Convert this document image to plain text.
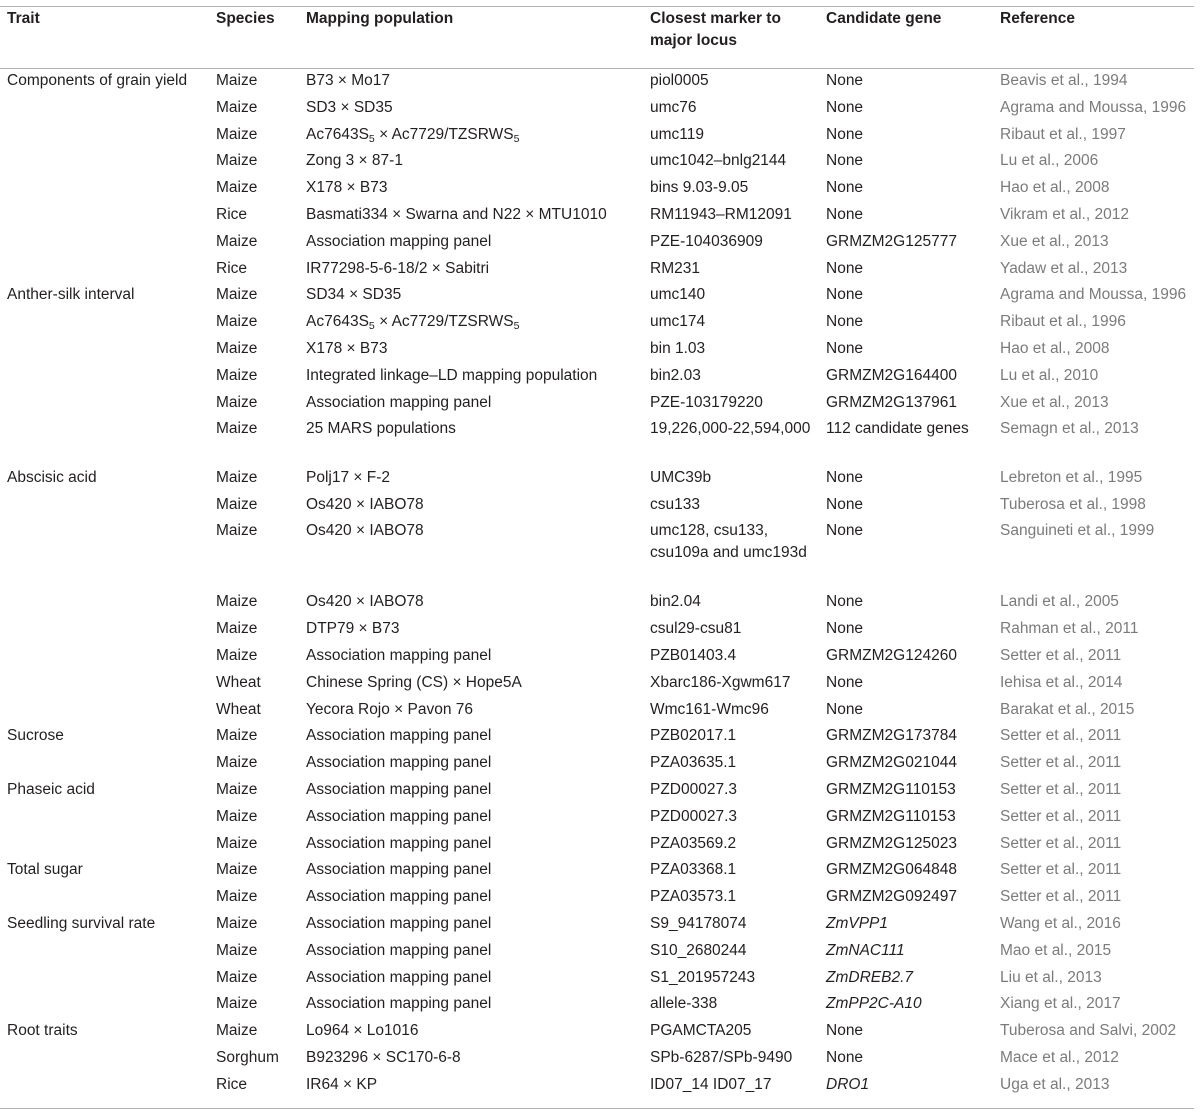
Trait	Species	Mapping population	Closest marker to major locus	Candidate gene	Reference
Components of grain yield	Maize	B73 × Mo17	piol0005	None	Beavis et al., 1994
	Maize	SD3 × SD35	umc76	None	Agrama and Moussa, 1996
	Maize	$Ac7643S_5$ × $Ac7729/TZSRWS_5$	umc119	None	Ribaut et al., 1997
	Maize	Zong 3 × 87-1	umc1042–bnlg2144	None	Lu et al., 2006
	Maize	X178 × B73	bins 9.03-9.05	None	Hao et al., 2008
	Rice	Basmati334 × Swarna and N22 × MTU1010	RM11943–RM12091	None	Vikram et al., 2012
	Maize	Association mapping panel	PZE-104036909	GRMZM2G125777	Xue et al., 2013
	Rice	IR77298-5-6-18/2 × Sabitri	RM231	None	Yadaw et al., 2013
Anther-silk interval	Maize	SD34 × SD35	umc140	None	Agrama and Moussa, 1996
	Maize	$Ac7643S_5$ × $Ac7729/TZSRWS_5$	umc174	None	Ribaut et al., 1996
	Maize	X178 × B73	bin 1.03	None	Hao et al., 2008
	Maize	Integrated linkage–LD mapping population	bin2.03	GRMZM2G164400	Lu et al., 2010
	Maize	Association mapping panel	PZE-103179220	GRMZM2G137961	Xue et al., 2013
	Maize	25 MARS populations	19,226,000-22,594,000	112 candidate genes	Semagn et al., 2013
Abscisic acid	Maize	Polj17 × F-2	UMC39b	None	Lebreton et al., 1995
	Maize	Os420 × IABO78	csu133	None	Tuberosa et al., 1998
	Maize	Os420 × IABO78	umc128, csu133, csu109a and umc193d	None	Sanguineti et al., 1999
	Maize	Os420 × IABO78	bin2.04	None	Landi et al., 2005
	Maize	DTP79 × B73	csul29-csu81	None	Rahman et al., 2011
	Maize	Association mapping panel	PZB01403.4	GRMZM2G124260	Setter et al., 2011
	Wheat	Chinese Spring (CS) × Hope5A	Xbarc186-Xgwm617	None	Iehisa et al., 2014
	Wheat	Yecora Rojo × Pavon 76	Wmc161-Wmc96	None	Barakat et al., 2015
Sucrose	Maize	Association mapping panel	PZB02017.1	GRMZM2G173784	Setter et al., 2011
	Maize	Association mapping panel	PZA03635.1	GRMZM2G021044	Setter et al., 2011
Phaseic acid	Maize	Association mapping panel	PZD00027.3	GRMZM2G110153	Setter et al., 2011
	Maize	Association mapping panel	PZD00027.3	GRMZM2G110153	Setter et al., 2011
	Maize	Association mapping panel	PZA03569.2	GRMZM2G125023	Setter et al., 2011
Total sugar	Maize	Association mapping panel	PZA03368.1	GRMZM2G064848	Setter et al., 2011
	Maize	Association mapping panel	PZA03573.1	GRMZM2G092497	Setter et al., 2011
Seedling survival rate	Maize	Association mapping panel	S9_94178074	ZmVPP1	Wang et al., 2016
	Maize	Association mapping panel	S10_2680244	ZmNAC111	Mao et al., 2015
	Maize	Association mapping panel	S1_201957243	ZmDREB2.7	Liu et al., 2013
	Maize	Association mapping panel	allele-338	ZmPP2C-A10	Xiang et al., 2017
Root traits	Maize	Lo964 × Lo1016	PGAMCTA205	None	Tuberosa and Salvi, 2002
	Sorghum	B923296 × SC170-6-8	SPb-6287/SPb-9490	None	Mace et al., 2012
	Rice	IR64 × KP	ID07_14 ID07_17	DRO1	Uga et al., 2013
